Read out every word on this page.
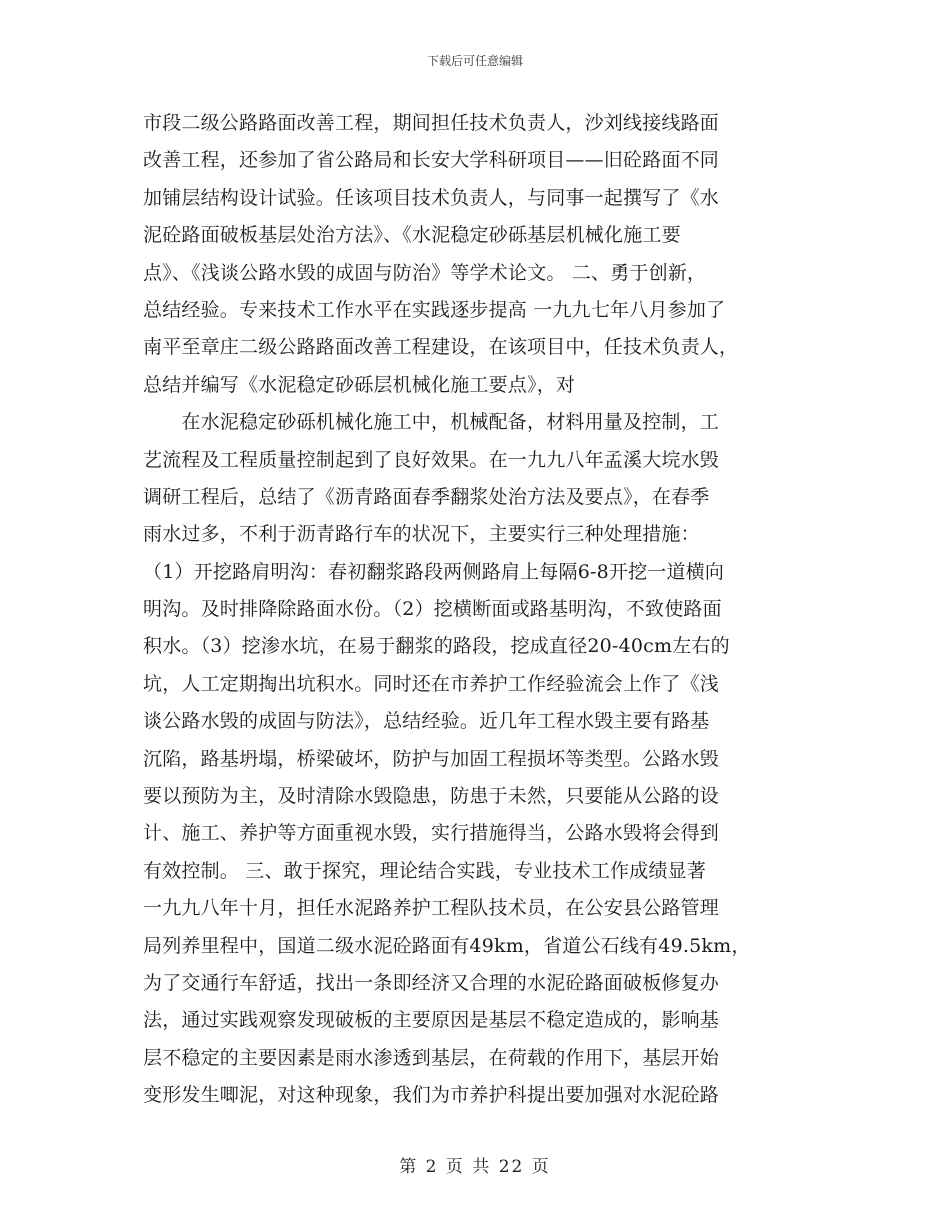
下载后可任意编辑
市段二级公路路面改善工程，期间担任技术负责人，沙刘线接线路面
改善工程，还参加了省公路局和长安大学科研项目——旧砼路面不同
加铺层结构设计试验。任该项目技术负责人，与同事一起撰写了《水
泥砼路面破板基层处治方法》、《水泥稳定砂砾基层机械化施工要
点》、《浅谈公路水毁的成固与防治》等学术论文。 二、勇于创新，
总结经验。专来技术工作水平在实践逐步提高 一九九七年八月参加了
南平至章庄二级公路路面改善工程建设，在该项目中，任技术负责人，
总结并编写《水泥稳定砂砾层机械化施工要点》，对
　　在水泥稳定砂砾机械化施工中，机械配备，材料用量及控制，工
艺流程及工程质量控制起到了良好效果。在一九九八年孟溪大垸水毁
调研工程后，总结了《沥青路面春季翻浆处治方法及要点》，在春季
雨水过多，不利于沥青路行车的状况下，主要实行三种处理措施：
（1）开挖路肩明沟：春初翻浆路段两侧路肩上每隔6-8开挖一道横向
明沟。及时排降除路面水份。（2）挖横断面或路基明沟，不致使路面
积水。（3）挖渗水坑，在易于翻浆的路段，挖成直径20-40cm左右的
坑，人工定期掏出坑积水。同时还在市养护工作经验流会上作了《浅
谈公路水毁的成固与防法》，总结经验。近几年工程水毁主要有路基
沉陷，路基坍塌，桥梁破坏，防护与加固工程损坏等类型。公路水毁
要以预防为主，及时清除水毁隐患，防患于未然，只要能从公路的设
计、施工、养护等方面重视水毁，实行措施得当，公路水毁将会得到
有效控制。 三、敢于探究，理论结合实践，专业技术工作成绩显著
一九九八年十月，担任水泥路养护工程队技术员，在公安县公路管理
局列养里程中，国道二级水泥砼路面有49km，省道公石线有49.5km，
为了交通行车舒适，找出一条即经济又合理的水泥砼路面破板修复办
法，通过实践观察发现破板的主要原因是基层不稳定造成的，影响基
层不稳定的主要因素是雨水渗透到基层，在荷载的作用下，基层开始
变形发生唧泥，对这种现象，我们为市养护科提出要加强对水泥砼路
第 2 页 共 22 页
